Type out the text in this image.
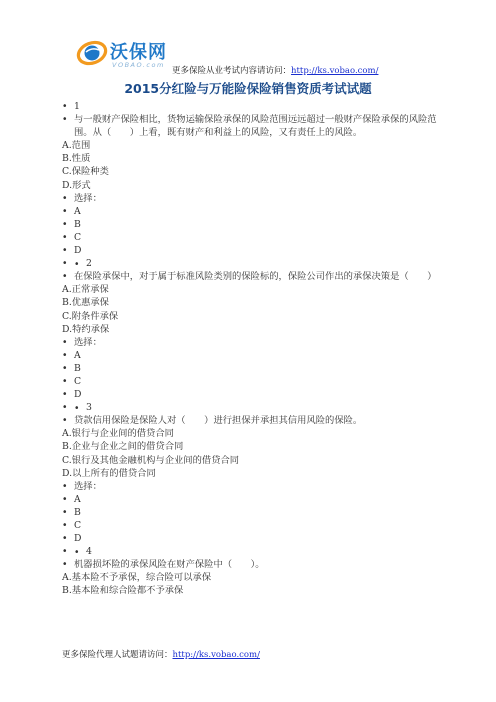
沃保网
VOBAO.com
更多保险从业考试内容请访问：http://ks.vobao.com/
2015分红险与万能险保险销售资质考试试题
• 1
• 与一般财产保险相比，货物运输保险承保的风险范围远远超过一般财产保险承保的风险范围。从（　　）上看，既有财产和利益上的风险，又有责任上的风险。
A.范围
B.性质
C.保险种类
D.形式
• 选择：
• A
• B
• C
• D
• • 2
• 在保险承保中，对于属于标准风险类别的保险标的，保险公司作出的承保决策是（　　）
A.正常承保
B.优惠承保
C.附条件承保
D.特约承保
• 选择：
• A
• B
• C
• D
• • 3
• 贷款信用保险是保险人对（　　）进行担保并承担其信用风险的保险。
A.银行与企业间的借贷合同
B.企业与企业之间的借贷合同
C.银行及其他金融机构与企业间的借贷合同
D.以上所有的借贷合同
• 选择：
• A
• B
• C
• D
• • 4
• 机器损坏险的承保风险在财产保险中（　　）。
A.基本险不予承保，综合险可以承保
B.基本险和综合险都不予承保
更多保险代理人试题请访问：http://ks.vobao.com/
